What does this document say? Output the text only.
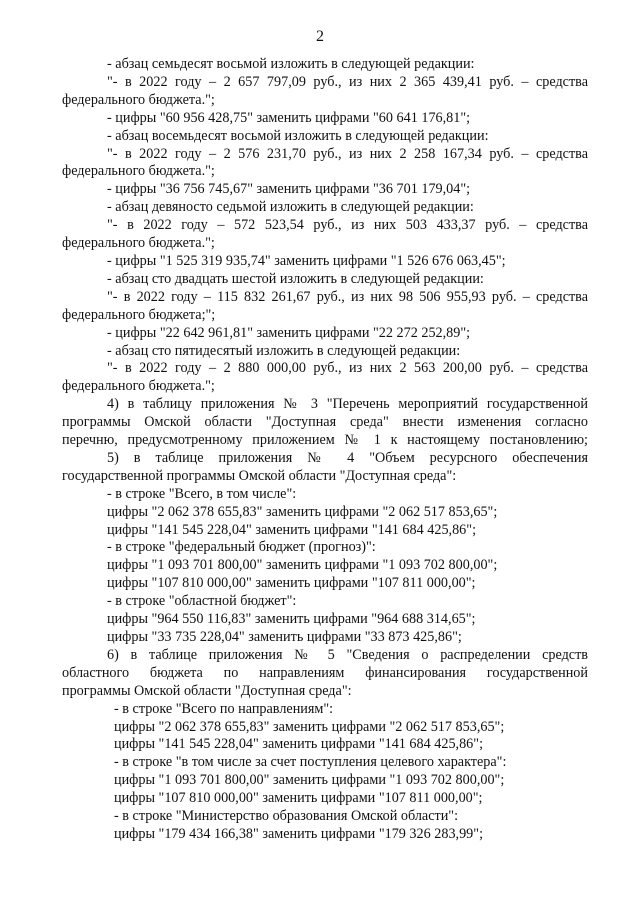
2

- абзац семьдесят восьмой изложить в следующей редакции:

"- в 2022 году – 2 657 797,09 руб., из них 2 365 439,41 руб. – средства

федерального бюджета.";

- цифры "60 956 428,75" заменить цифрами "60 641 176,81";

- абзац восемьдесят восьмой изложить в следующей редакции:

"- в 2022 году – 2 576 231,70 руб., из них 2 258 167,34 руб. – средства

федерального бюджета.";

- цифры "36 756 745,67" заменить цифрами "36 701 179,04";

- абзац девяносто седьмой изложить в следующей редакции:

"- в 2022 году – 572 523,54 руб., из них 503 433,37 руб. – средства

федерального бюджета.";

- цифры "1 525 319 935,74" заменить цифрами "1 526 676 063,45";

- абзац сто двадцать шестой изложить в следующей редакции:

"- в 2022 году – 115 832 261,67 руб., из них 98 506 955,93 руб. – средства

федерального бюджета;";

- цифры "22 642 961,81" заменить цифрами "22 272 252,89";

- абзац сто пятидесятый изложить в следующей редакции:

"- в 2022 году – 2 880 000,00 руб., из них 2 563 200,00 руб. – средства

федерального бюджета.";

4) в таблицу приложения № 3 "Перечень мероприятий государственной

программы Омской области "Доступная среда" внести изменения согласно

перечню, предусмотренному приложением № 1 к настоящему постановлению;

5) в таблице приложения № 4 "Объем ресурсного обеспечения

государственной программы Омской области "Доступная среда":

- в строке "Всего, в том числе":

цифры "2 062 378 655,83" заменить цифрами "2 062 517 853,65";

цифры "141 545 228,04" заменить цифрами "141 684 425,86";

- в строке "федеральный бюджет (прогноз)":

цифры "1 093 701 800,00" заменить цифрами "1 093 702 800,00";

цифры "107 810 000,00" заменить цифрами "107 811 000,00";

- в строке "областной бюджет":

цифры "964 550 116,83" заменить цифрами "964 688 314,65";

цифры "33 735 228,04" заменить цифрами "33 873 425,86";

6) в таблице приложения № 5 "Сведения о распределении средств

областного бюджета по направлениям финансирования государственной

программы Омской области "Доступная среда":

- в строке "Всего по направлениям":

цифры "2 062 378 655,83" заменить цифрами "2 062 517 853,65";

цифры "141 545 228,04" заменить цифрами "141 684 425,86";

- в строке "в том числе за счет поступления целевого характера":

цифры "1 093 701 800,00" заменить цифрами "1 093 702 800,00";

цифры "107 810 000,00" заменить цифрами "107 811 000,00";

- в строке "Министерство образования Омской области":

цифры "179 434 166,38" заменить цифрами "179 326 283,99";
